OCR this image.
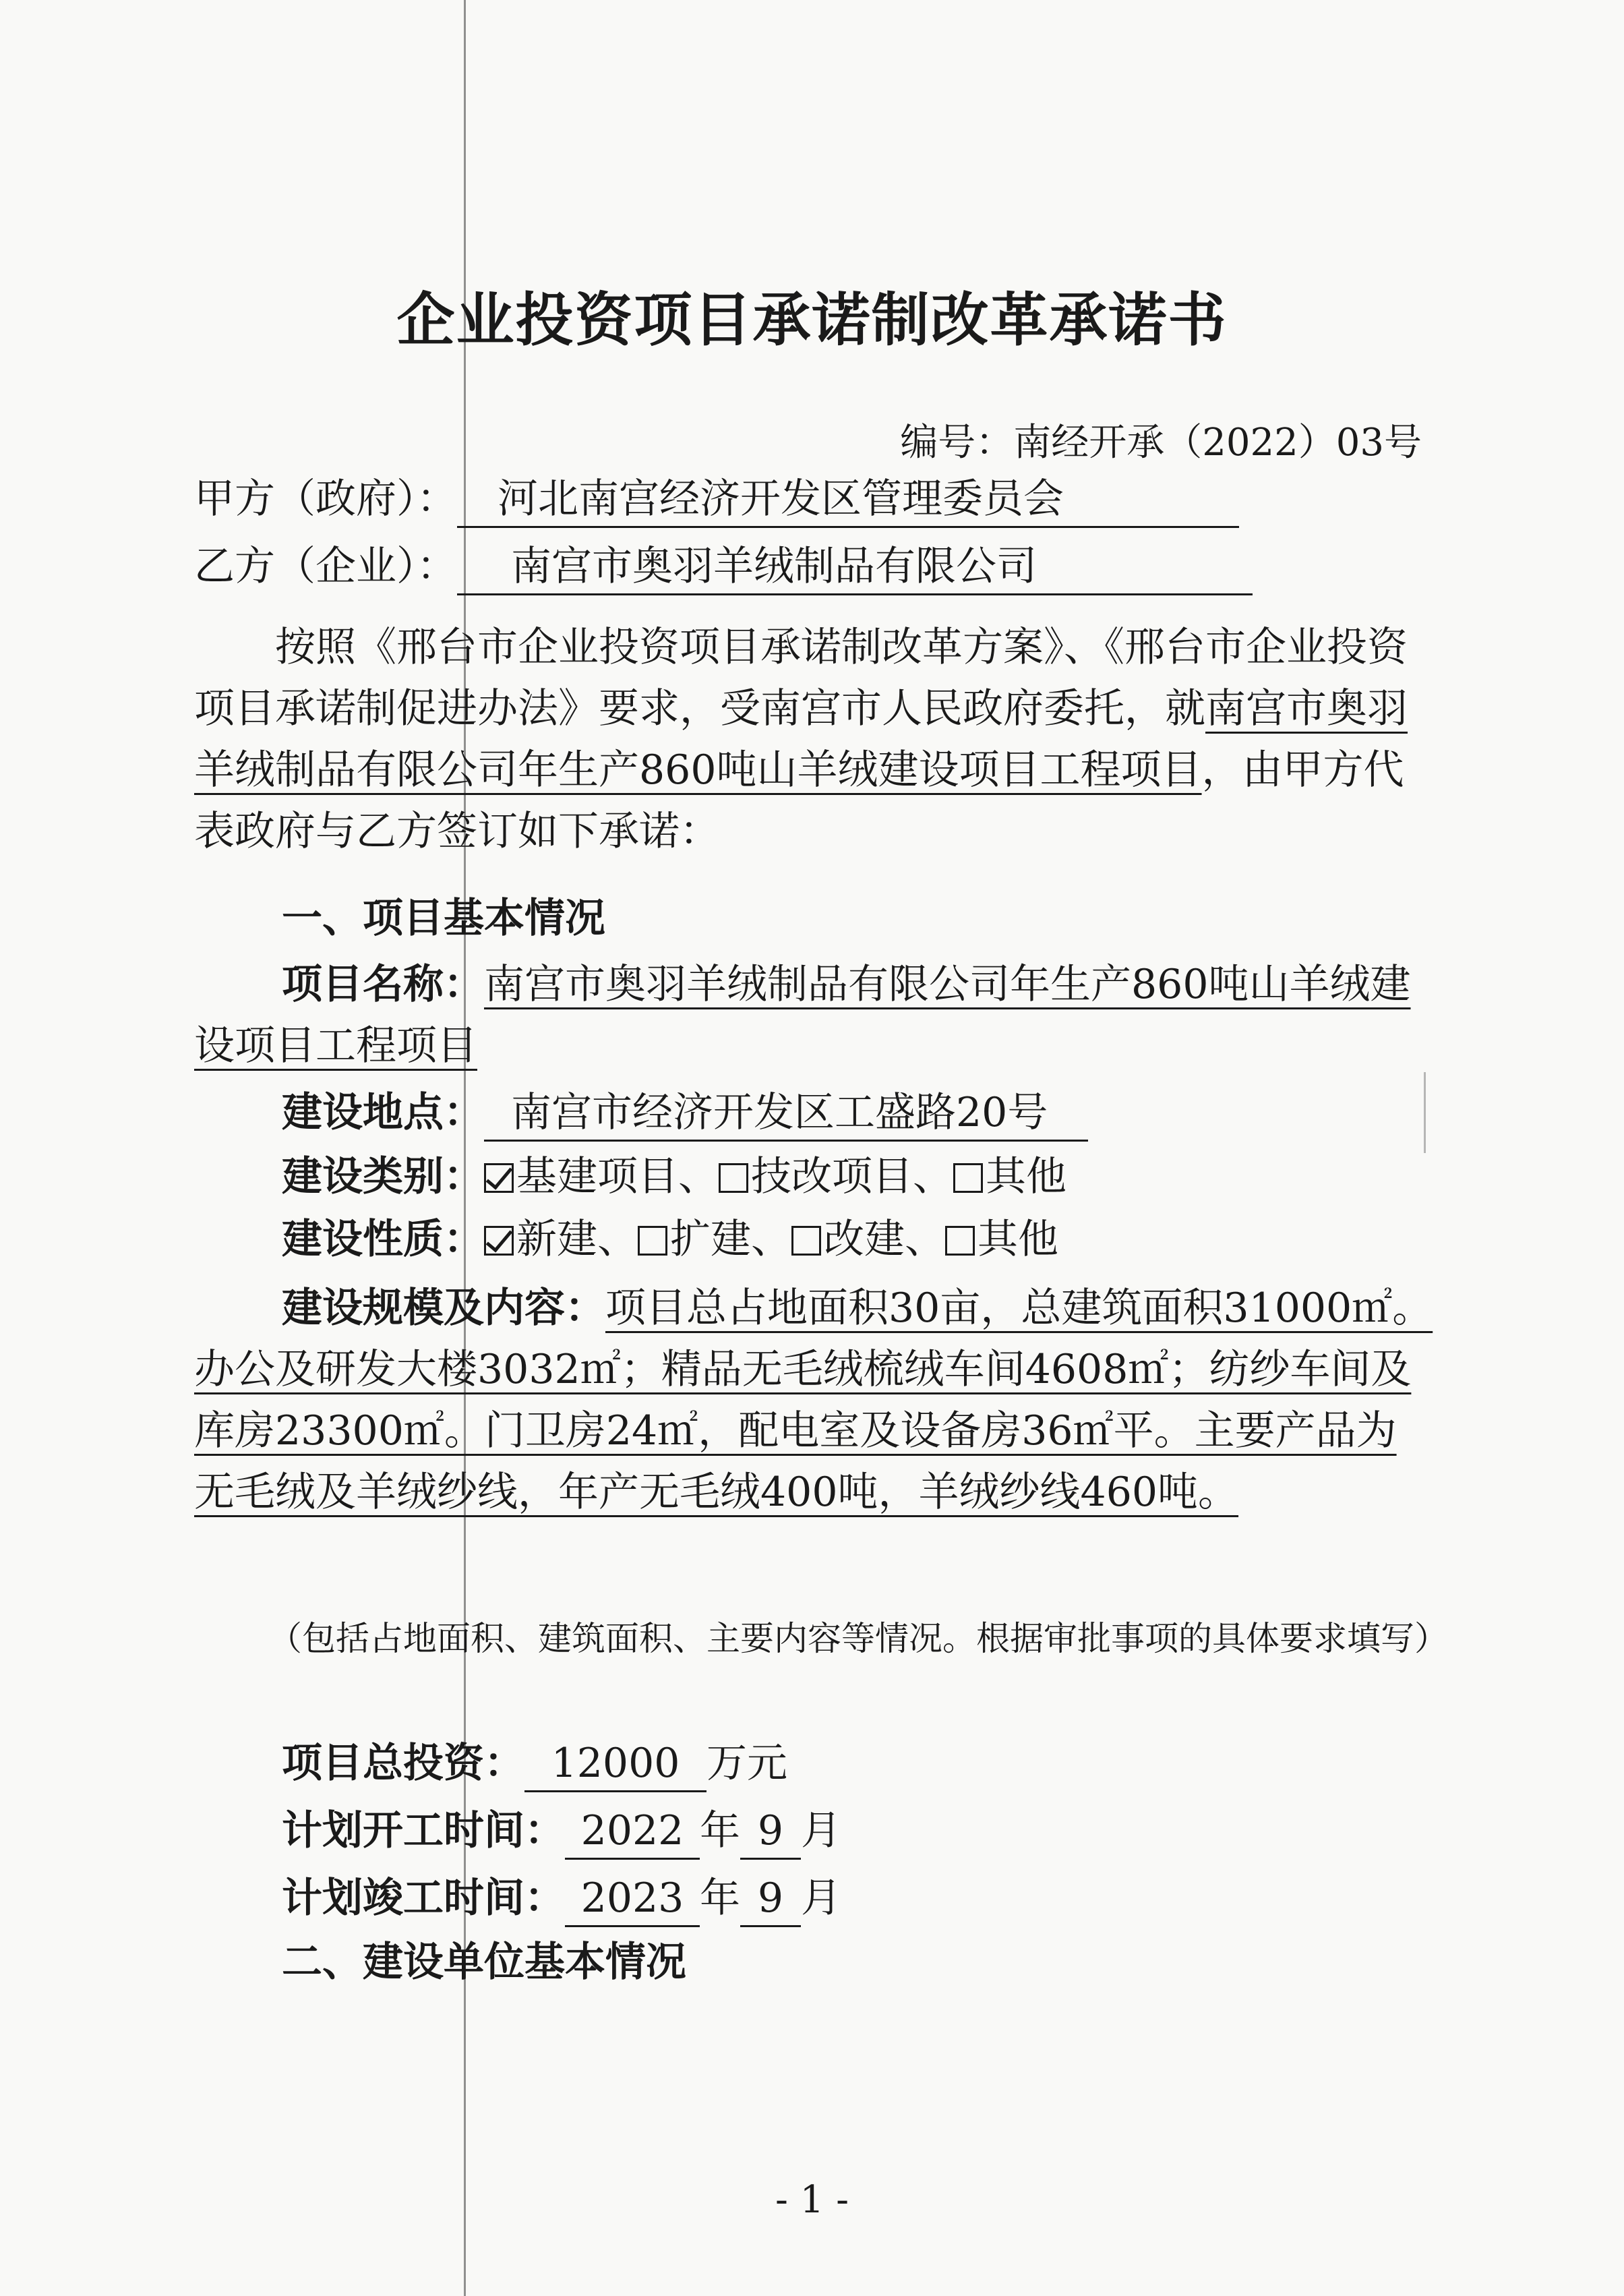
企业投资项目承诺制改革承诺书
编号：南经开承（2022）03号
甲方（政府）： 河北南宫经济开发区管理委员会
乙方（企业）： 南宫市奥羽羊绒制品有限公司
按照《邢台市企业投资项目承诺制改革方案》、《邢台市企业投资项目承诺制促进办法》要求，受南宫市人民政府委托，就南宫市奥羽羊绒制品有限公司年生产860吨山羊绒建设项目工程项目，由甲方代表政府与乙方签订如下承诺：
一、项目基本情况
项目名称：南宫市奥羽羊绒制品有限公司年生产860吨山羊绒建设项目工程项目
建设地点： 南宫市经济开发区工盛路20号
建设类别： 基建项目、 技改项目、 其他
建设性质： 新建、 扩建、 改建、 其他
建设规模及内容：项目总占地面积30亩，总建筑面积31000㎡。办公及研发大楼3032㎡；精品无毛绒梳绒车间4608㎡；纺纱车间及库房23300㎡。门卫房24㎡，配电室及设备房36㎡平。主要产品为无毛绒及羊绒纱线，年产无毛绒400吨，羊绒纱线460吨。
（包括占地面积、建筑面积、主要内容等情况。根据审批事项的具体要求填写）
项目总投资： 12000 万元
计划开工时间： 2022 年 9 月
计划竣工时间： 2023 年 9 月
二、建设单位基本情况
- 1 -
